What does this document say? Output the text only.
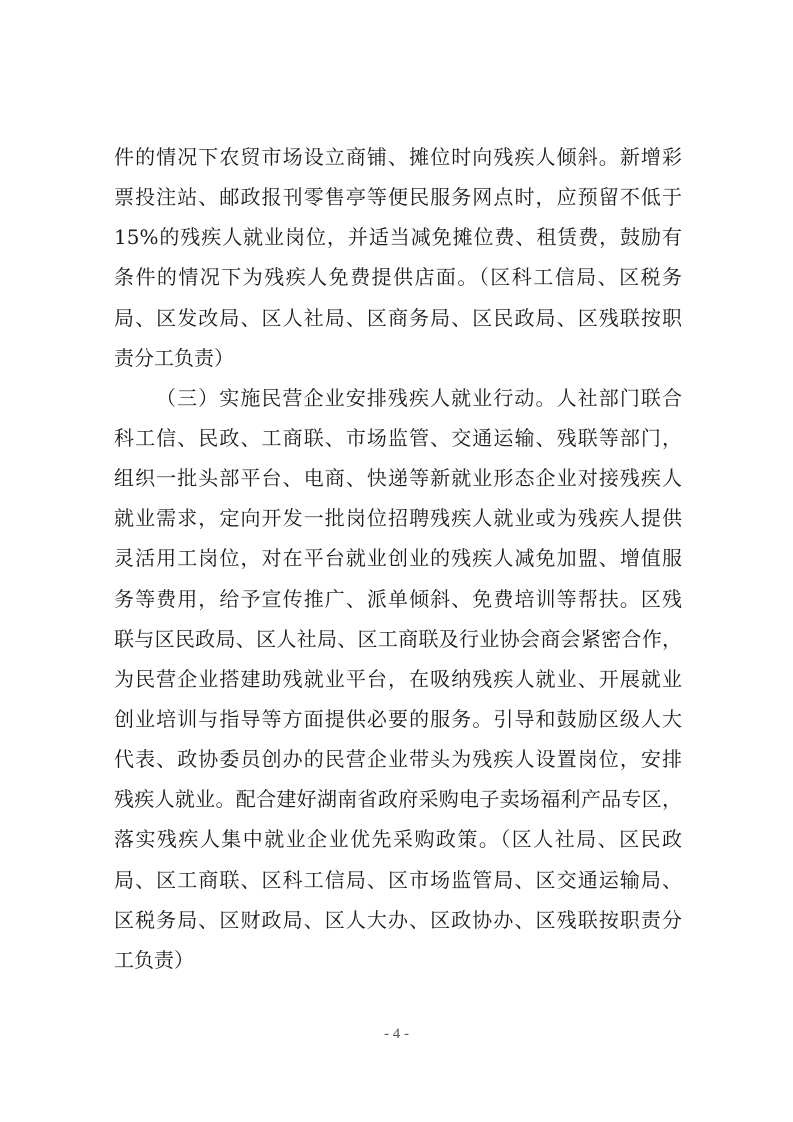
件的情况下农贸市场设立商铺、摊位时向残疾人倾斜。新增彩
票投注站、邮政报刊零售亭等便民服务网点时，应预留不低于
15%的残疾人就业岗位，并适当减免摊位费、租赁费，鼓励有
条件的情况下为残疾人免费提供店面。（区科工信局、区税务
局、区发改局、区人社局、区商务局、区民政局、区残联按职
责分工负责）
（三）实施民营企业安排残疾人就业行动。人社部门联合
科工信、民政、工商联、市场监管、交通运输、残联等部门，
组织一批头部平台、电商、快递等新就业形态企业对接残疾人
就业需求，定向开发一批岗位招聘残疾人就业或为残疾人提供
灵活用工岗位，对在平台就业创业的残疾人减免加盟、增值服
务等费用，给予宣传推广、派单倾斜、免费培训等帮扶。区残
联与区民政局、区人社局、区工商联及行业协会商会紧密合作，
为民营企业搭建助残就业平台，在吸纳残疾人就业、开展就业
创业培训与指导等方面提供必要的服务。引导和鼓励区级人大
代表、政协委员创办的民营企业带头为残疾人设置岗位，安排
残疾人就业。配合建好湖南省政府采购电子卖场福利产品专区，
落实残疾人集中就业企业优先采购政策。（区人社局、区民政
局、区工商联、区科工信局、区市场监管局、区交通运输局、
区税务局、区财政局、区人大办、区政协办、区残联按职责分
工负责）
- 4 -
